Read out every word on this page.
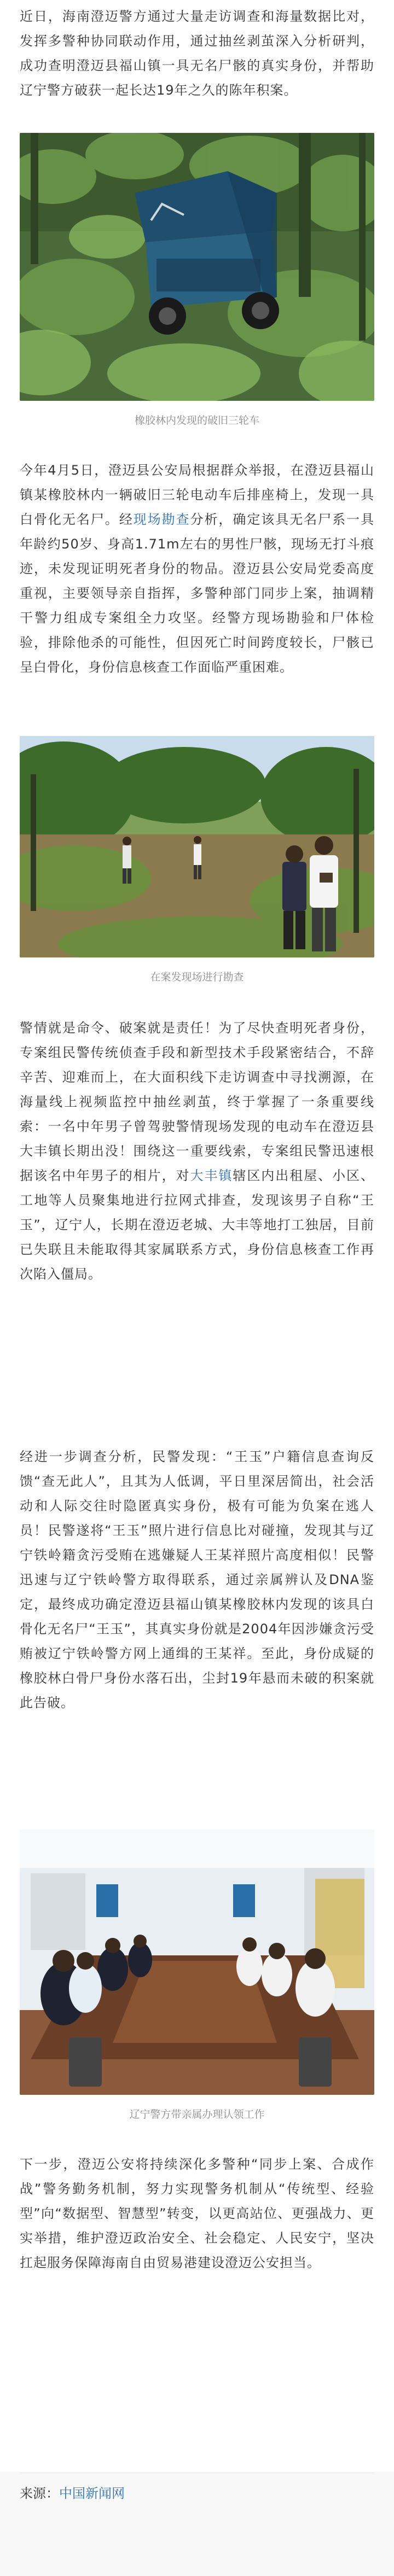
近日，海南澄迈警方通过大量走访调查和海量数据比对，发挥多警种协同联动作用，通过抽丝剥茧深入分析研判，成功查明澄迈县福山镇一具无名尸骸的真实身份，并帮助辽宁警方破获一起长达19年之久的陈年积案。

橡胶林内发现的破旧三轮车

今年4月5日，澄迈县公安局根据群众举报，在澄迈县福山镇某橡胶林内一辆破旧三轮电动车后排座椅上，发现一具白骨化无名尸。经现场勘查分析，确定该具无名尸系一具年龄约50岁、身高1.71m左右的男性尸骸，现场无打斗痕迹，未发现证明死者身份的物品。澄迈县公安局党委高度重视，主要领导亲自指挥，多警种部门同步上案，抽调精干警力组成专案组全力攻坚。经警方现场勘验和尸体检验，排除他杀的可能性，但因死亡时间跨度较长，尸骸已呈白骨化，身份信息核查工作面临严重困难。

在案发现场进行勘查

警情就是命令、破案就是责任！为了尽快查明死者身份，专案组民警传统侦查手段和新型技术手段紧密结合，不辞辛苦、迎难而上，在大面积线下走访调查中寻找溯源，在海量线上视频监控中抽丝剥茧，终于掌握了一条重要线索：一名中年男子曾驾驶警情现场发现的电动车在澄迈县大丰镇长期出没！围绕这一重要线索，专案组民警迅速根据该名中年男子的相片，对大丰镇辖区内出租屋、小区、工地等人员聚集地进行拉网式排查，发现该男子自称“王玉”，辽宁人，长期在澄迈老城、大丰等地打工独居，目前已失联且未能取得其家属联系方式，身份信息核查工作再次陷入僵局。

经进一步调查分析，民警发现：“王玉”户籍信息查询反馈“查无此人”，且其为人低调，平日里深居简出，社会活动和人际交往时隐匿真实身份，极有可能为负案在逃人员！民警遂将“王玉”照片进行信息比对碰撞，发现其与辽宁铁岭籍贪污受贿在逃嫌疑人王某祥照片高度相似！民警迅速与辽宁铁岭警方取得联系，通过亲属辨认及DNA鉴定，最终成功确定澄迈县福山镇某橡胶林内发现的该具白骨化无名尸“王玉”，其真实身份就是2004年因涉嫌贪污受贿被辽宁铁岭警方网上通缉的王某祥。至此，身份成疑的橡胶林白骨尸身份水落石出，尘封19年悬而未破的积案就此告破。

辽宁警方带亲属办理认领工作

下一步，澄迈公安将持续深化多警种“同步上案、合成作战”警务勤务机制，努力实现警务机制从“传统型、经验型”向“数据型、智慧型”转变，以更高站位、更强战力、更实举措，维护澄迈政治安全、社会稳定、人民安宁，坚决扛起服务保障海南自由贸易港建设澄迈公安担当。

来源：中国新闻网
